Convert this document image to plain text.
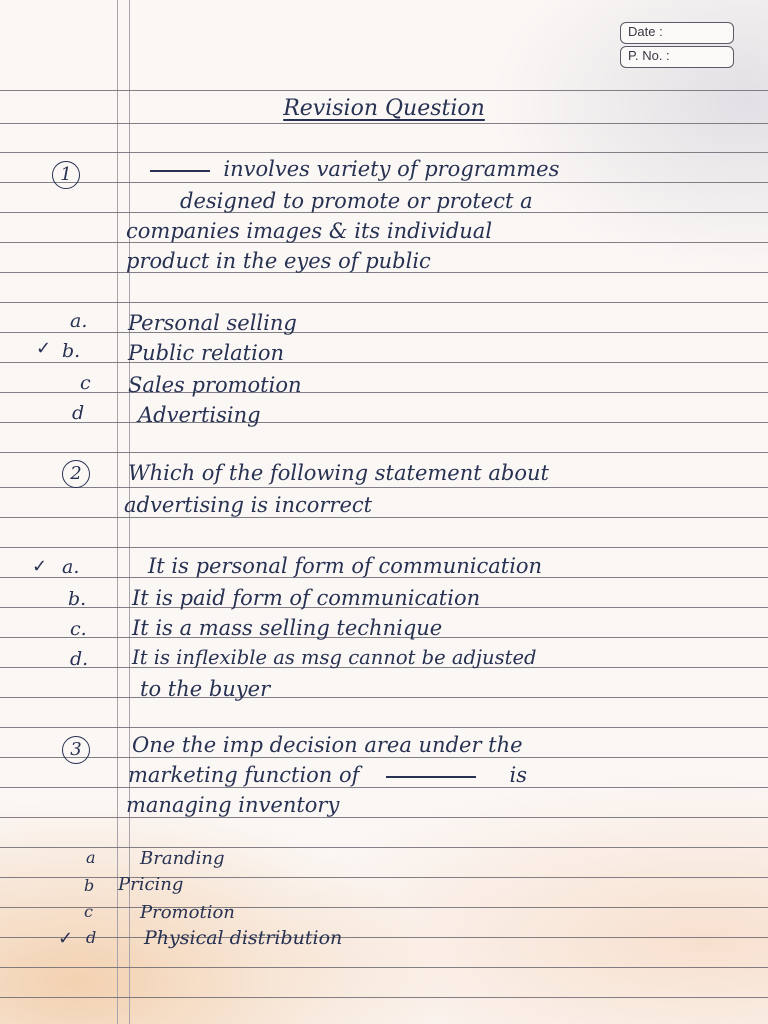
Date :
P. No. :
Revision Question
1	involves variety of programmes
designed to promote or protect a
companies images & its individual
product in the eyes of public
a. Personal selling
✓ b. Public relation
c Sales promotion
d	Advertising
2	Which of the following statement about
advertising is incorrect
✓ a.	It is personal form of communication
b. It is paid form of communication
c. It is a mass selling technique
d. It is inflexible as msg cannot be adjusted
to the buyer
3	One the imp decision area under the
marketing function of	is
managing inventory
a Branding
b Pricing
c	Promotion
✓ d	Physical distribution
